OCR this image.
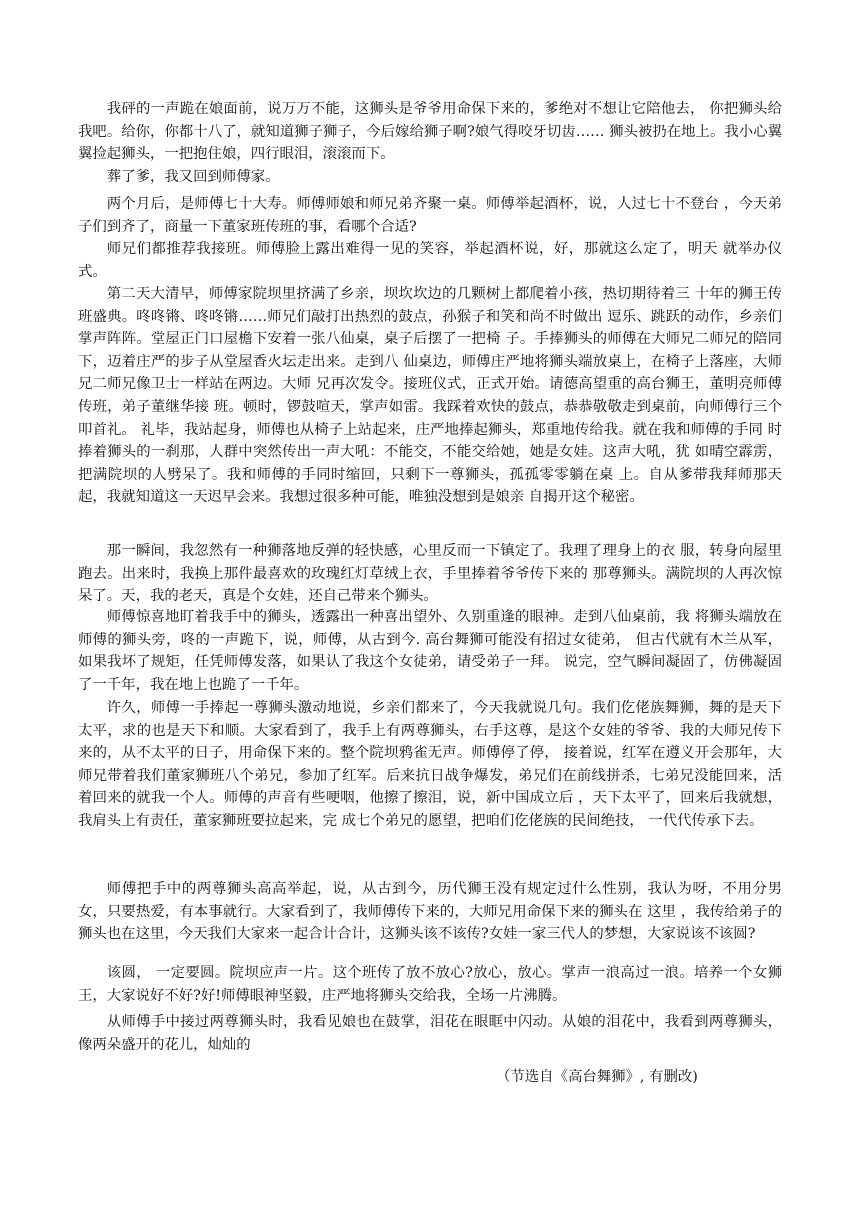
我砰的一声跪在娘面前，说万万不能，这狮头是爷爷用命保下来的，爹绝对不想让它陪他去， 你把狮头给我吧。给你，你都十八了，就知道狮子狮子，今后嫁给狮子啊?娘气得咬牙切齿…… 狮头被扔在地上。我小心翼翼捡起狮头，一把抱住娘，四行眼泪，滚滚而下。

葬了爹，我又回到师傅家。

两个月后，是师傅七十大寿。师傅师娘和师兄弟齐聚一桌。师傅举起酒杯，说，人过七十不登台 ，今天弟子们到齐了，商量一下董家班传班的事，看哪个合适?

师兄们都推荐我接班。师傅脸上露出难得一见的笑容，举起酒杯说，好，那就这么定了，明天 就举办仪式。

第二天大清早，师傅家院坝里挤满了乡亲，坝坎坎边的几颗树上都爬着小孩，热切期待着三 十年的狮王传班盛典。咚咚锵、咚咚锵……师兄们敲打出热烈的鼓点，孙猴子和笑和尚不时做出 逗乐、跳跃的动作，乡亲们掌声阵阵。堂屋正门口屋檐下安着一张八仙桌，桌子后摆了一把椅 子。手捧狮头的师傅在大师兄二师兄的陪同下，迈着庄严的步子从堂屋香火坛走出来。走到八 仙桌边，师傅庄严地将狮头端放桌上，在椅子上落座，大师兄二师兄像卫士一样站在两边。大师 兄再次发令。接班仪式，正式开始。请德高望重的高台狮王，董明亮师傅传班，弟子董继华接 班。顿时，锣鼓喧天，掌声如雷。我踩着欢快的鼓点，恭恭敬敬走到桌前，向师傅行三个叩首礼。 礼毕，我站起身，师傅也从椅子上站起来，庄严地捧起狮头，郑重地传给我。就在我和师傅的手同 时捧着狮头的一刹那，人群中突然传出一声大吼：不能交，不能交给她，她是女娃。这声大吼，犹 如晴空霹雳，把满院坝的人劈呆了。我和师傅的手同时缩回，只剩下一尊狮头，孤孤零零躺在桌 上。自从爹带我拜师那天起，我就知道这一天迟早会来。我想过很多种可能，唯独没想到是娘亲 自揭开这个秘密。

那一瞬间，我忽然有一种狮落地反弹的轻快感，心里反而一下镇定了。我理了理身上的衣 服，转身向屋里跑去。出来时，我换上那件最喜欢的玫瑰红灯草绒上衣，手里捧着爷爷传下来的 那尊狮头。满院坝的人再次惊呆了。天，我的老天，真是个女娃，还自己带来个狮头。

师傅惊喜地盯着我手中的狮头，透露出一种喜出望外、久别重逢的眼神。走到八仙桌前，我 将狮头端放在师傅的狮头旁，咚的一声跪下，说，师傅，从古到今. 高台舞狮可能没有招过女徒弟， 但古代就有木兰从军，如果我坏了规矩，任凭师傅发落，如果认了我这个女徒弟，请受弟子一拜。 说完，空气瞬间凝固了，仿佛凝固了一千年，我在地上也跪了一千年。

许久，师傅一手捧起一尊狮头激动地说，乡亲们都来了，今天我就说几句。我们仡佬族舞狮，舞的是天下太平，求的也是天下和顺。大家看到了，我手上有两尊狮头，右手这尊，是这个女娃的爷爷、我的大师兄传下来的，从不太平的日子，用命保下来的。整个院坝鸦雀无声。师傅停了停， 接着说，红军在遵义开会那年，大师兄带着我们董家狮班八个弟兄，参加了红军。后来抗日战争爆发，弟兄们在前线拼杀，七弟兄没能回来，活着回来的就我一个人。师傅的声音有些哽咽，他擦了擦泪，说，新中国成立后 ，天下太平了，回来后我就想，我肩头上有责任，董家狮班要拉起来，完 成七个弟兄的愿望，把咱们仡佬族的民间绝技， 一代代传承下去。

师傅把手中的两尊狮头高高举起，说，从古到今，历代狮王没有规定过什么性别，我认为呀，不用分男女，只要热爱，有本事就行。大家看到了，我师傅传下来的，大师兄用命保下来的狮头在 这里 ，我传给弟子的狮头也在这里，今天我们大家来一起合计合计，这狮头该不该传?女娃一家三代人的梦想，大家说该不该圆?

该圆， 一定要圆。院坝应声一片。这个班传了放不放心?放心，放心。掌声一浪高过一浪。培养一个女狮王，大家说好不好?好!师傅眼神坚毅，庄严地将狮头交给我，全场一片沸腾。

从师傅手中接过两尊狮头时，我看见娘也在鼓掌，泪花在眼眶中闪动。从娘的泪花中，我看到两尊狮头，像两朵盛开的花儿，灿灿的

（节选自《高台舞狮》, 有删改)
